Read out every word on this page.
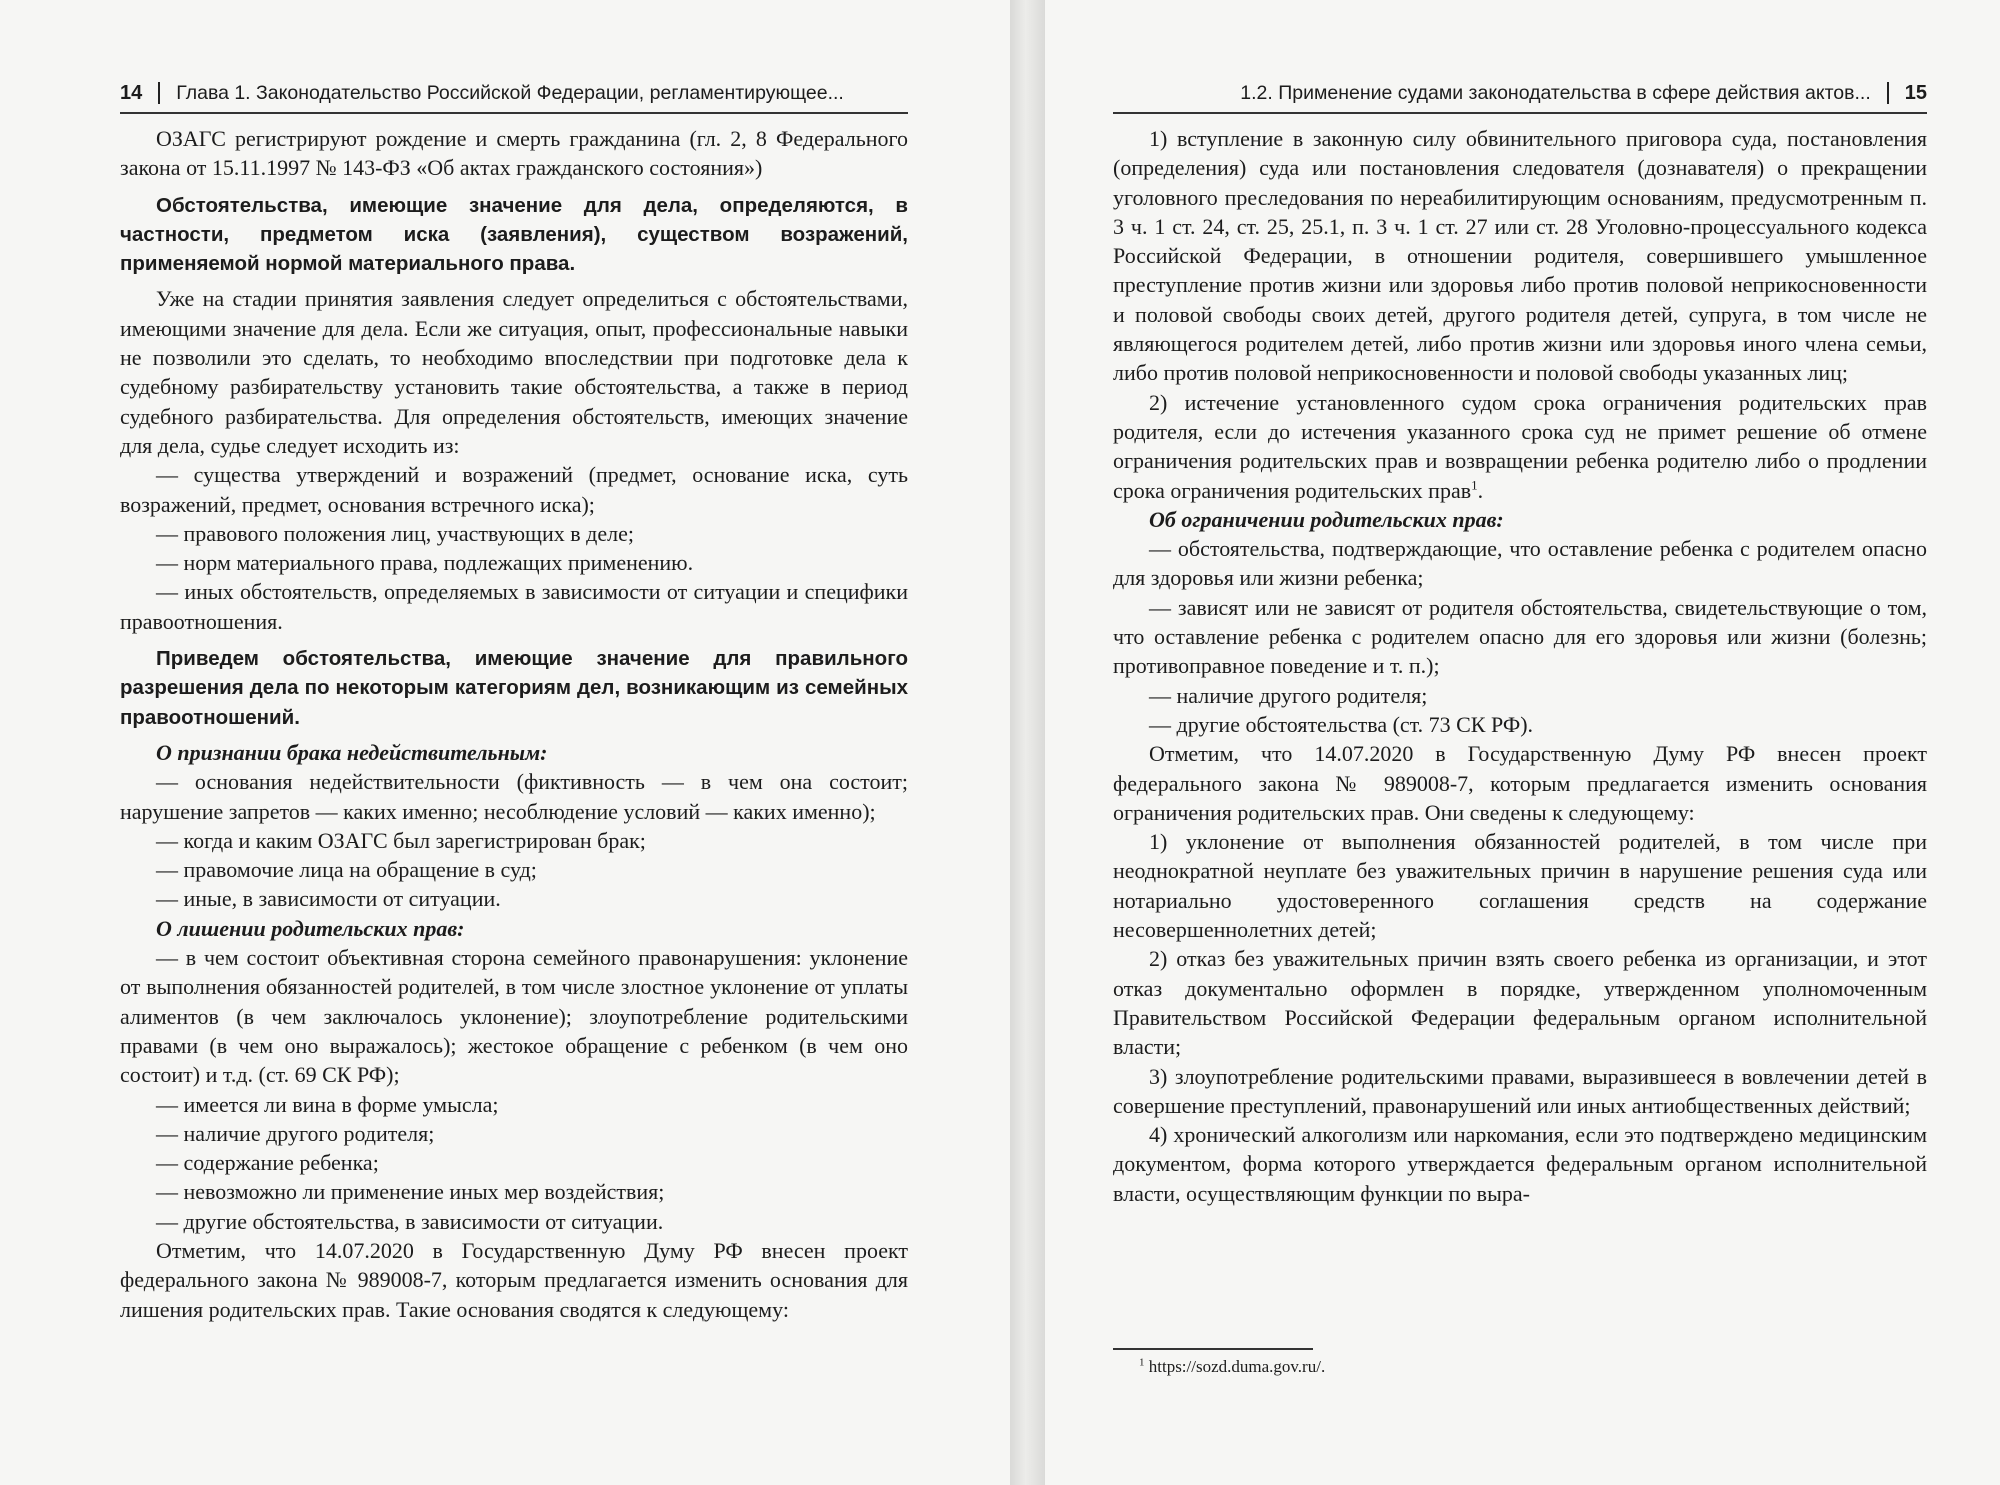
14 Глава 1. Законодательство Российской Федерации, регламентирующее...

ОЗАГС регистрируют рождение и смерть гражданина (гл. 2, 8 Федерального закона от 15.11.1997 № 143-ФЗ «Об актах гражданского состояния»)

Обстоятельства, имеющие значение для дела, определяются, в частности, предметом иска (заявления), существом возражений, применяемой нормой материального права.

Уже на стадии принятия заявления следует определиться с обстоятельствами, имеющими значение для дела. Если же ситуация, опыт, профессиональные навыки не позволили это сделать, то необходимо впоследствии при подготовке дела к судебному разбирательству установить такие обстоятельства, а также в период судебного разбирательства. Для определения обстоятельств, имеющих значение для дела, судье следует исходить из:

— существа утверждений и возражений (предмет, основание иска, суть возражений, предмет, основания встречного иска);

— правового положения лиц, участвующих в деле;

— норм материального права, подлежащих применению.

— иных обстоятельств, определяемых в зависимости от ситуации и специфики правоотношения.

Приведем обстоятельства, имеющие значение для правильного разрешения дела по некоторым категориям дел, возникающим из семейных правоотношений.

О признании брака недействительным:

— основания недействительности (фиктивность — в чем она состоит; нарушение запретов — каких именно; несоблюдение условий — каких именно);

— когда и каким ОЗАГС был зарегистрирован брак;

— правомочие лица на обращение в суд;

— иные, в зависимости от ситуации.

О лишении родительских прав:

— в чем состоит объективная сторона семейного правонарушения: уклонение от выполнения обязанностей родителей, в том числе злостное уклонение от уплаты алиментов (в чем заключалось уклонение); злоупотребление родительскими правами (в чем оно выражалось); жестокое обращение с ребенком (в чем оно состоит) и т.д. (ст. 69 СК РФ);

— имеется ли вина в форме умысла;

— наличие другого родителя;

— содержание ребенка;

— невозможно ли применение иных мер воздействия;

— другие обстоятельства, в зависимости от ситуации.

Отметим, что 14.07.2020 в Государственную Думу РФ внесен проект федерального закона № 989008-7, которым предлагается изменить основания для лишения родительских прав. Такие основания сводятся к следующему:

1.2. Применение судами законодательства в сфере действия актов... 15

1) вступление в законную силу обвинительного приговора суда, постановления (определения) суда или постановления следователя (дознавателя) о прекращении уголовного преследования по нереабилитирующим основаниям, предусмотренным п. 3 ч. 1 ст. 24, ст. 25, 25.1, п. 3 ч. 1 ст. 27 или ст. 28 Уголовно-процессуального кодекса Российской Федерации, в отношении родителя, совершившего умышленное преступление против жизни или здоровья либо против половой неприкосновенности и половой свободы своих детей, другого родителя детей, супруга, в том числе не являющегося родителем детей, либо против жизни или здоровья иного члена семьи, либо против половой неприкосновенности и половой свободы указанных лиц;

2) истечение установленного судом срока ограничения родительских прав родителя, если до истечения указанного срока суд не примет решение об отмене ограничения родительских прав и возвращении ребенка родителю либо о продлении срока ограничения родительских прав$^1$.

Об ограничении родительских прав:

— обстоятельства, подтверждающие, что оставление ребенка с родителем опасно для здоровья или жизни ребенка;

— зависят или не зависят от родителя обстоятельства, свидетельствующие о том, что оставление ребенка с родителем опасно для его здоровья или жизни (болезнь; противоправное поведение и т. п.);

— наличие другого родителя;

— другие обстоятельства (ст. 73 СК РФ).

Отметим, что 14.07.2020 в Государственную Думу РФ внесен проект федерального закона № 989008-7, которым предлагается изменить основания ограничения родительских прав. Они сведены к следующему:

1) уклонение от выполнения обязанностей родителей, в том числе при неоднократной неуплате без уважительных причин в нарушение решения суда или нотариально удостоверенного соглашения средств на содержание несовершеннолетних детей;

2) отказ без уважительных причин взять своего ребенка из организации, и этот отказ документально оформлен в порядке, утвержденном уполномоченным Правительством Российской Федерации федеральным органом исполнительной власти;

3) злоупотребление родительскими правами, выразившееся в вовлечении детей в совершение преступлений, правонарушений или иных антиобщественных действий;

4) хронический алкоголизм или наркомания, если это подтверждено медицинским документом, форма которого утверждается федеральным органом исполнительной власти, осуществляющим функции по выра-

$^1$ https://sozd.duma.gov.ru/.
